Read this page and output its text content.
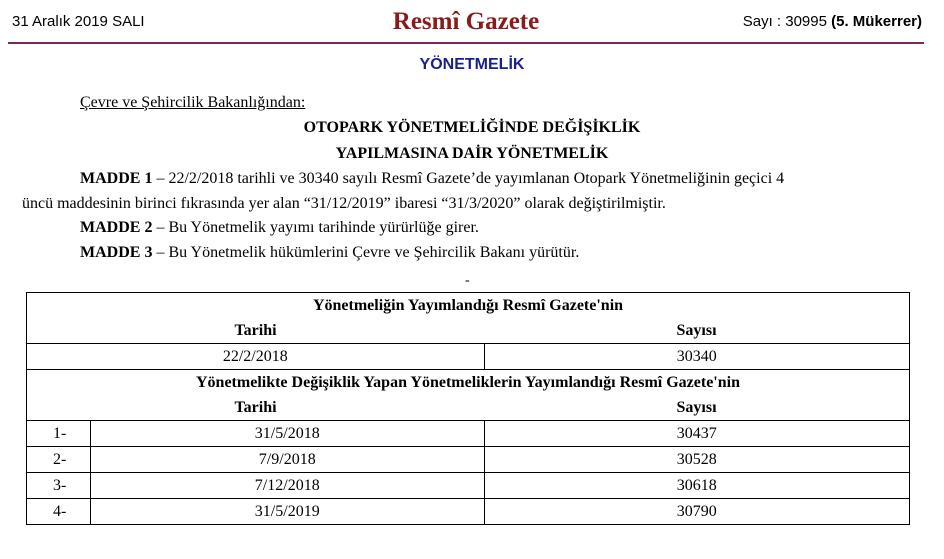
31 Aralık 2019 SALI	Resmî Gazete	Sayı : 30995 (5. Mükerrer)
YÖNETMELİK
Çevre ve Şehircilik Bakanlığından:
OTOPARK YÖNETMELİĞİNDE DEĞİŞİKLİK
YAPILMASINA DAİR YÖNETMELİK
MADDE 1 – 22/2/2018 tarihli ve 30340 sayılı Resmî Gazete’de yayımlanan Otopark Yönetmeliğinin geçici 4
üncü maddesinin birinci fıkrasında yer alan “31/12/2019” ibaresi “31/3/2020” olarak değiştirilmiştir.
MADDE 2 – Bu Yönetmelik yayımı tarihinde yürürlüğe girer.
MADDE 3 – Bu Yönetmelik hükümlerini Çevre ve Şehircilik Bakanı yürütür.
-
Yönetmeliğin Yayımlandığı Resmî Gazete'nin		
Tarihi		Sayısı
22/2/2018		30340
Yönetmelikte Değişiklik Yapan Yönetmeliklerin Yayımlandığı Resmî Gazete'nin		
Tarihi		Sayısı
1-	31/5/2018	30437
2-	7/9/2018	30528
3-	7/12/2018	30618
4-	31/5/2019	30790
